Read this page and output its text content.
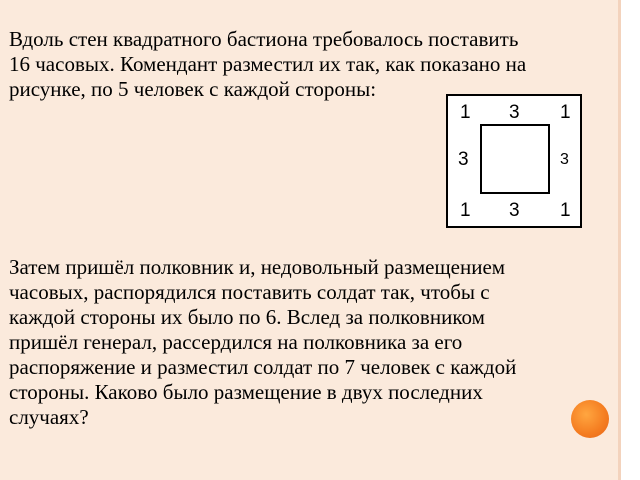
Вдоль стен квадратного бастиона требовалось поставить
16 часовых. Комендант разместил их так, как показано на
рисунке, по 5 человек с каждой стороны:

1 3 1
3	3
1 3 1

Затем пришёл полковник и, недовольный размещением
часовых, распорядился поставить солдат так, чтобы с
каждой стороны их было по 6. Вслед за полковником
пришёл генерал, рассердился на полковника за его
распоряжение и разместил солдат по 7 человек с каждой
стороны. Каково было размещение в двух последних
случаях?
